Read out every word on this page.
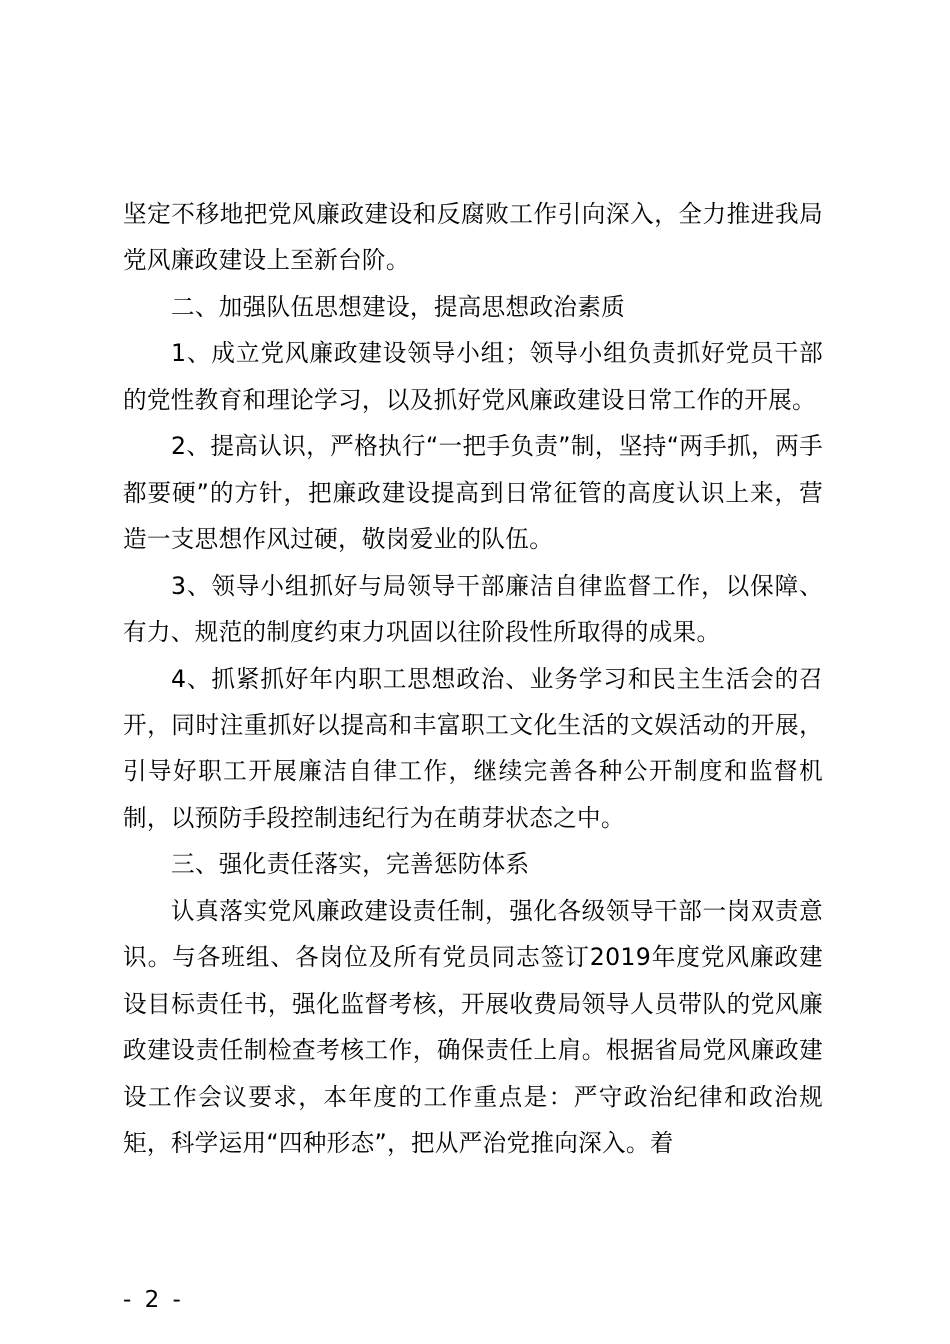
坚定不移地把党风廉政建设和反腐败工作引向深入，全力推进我局党风廉政建设上至新台阶。

二、加强队伍思想建设，提高思想政治素质

1、成立党风廉政建设领导小组；领导小组负责抓好党员干部的党性教育和理论学习，以及抓好党风廉政建设日常工作的开展。

2、提高认识，严格执行“一把手负责”制，坚持“两手抓，两手都要硬”的方针，把廉政建设提高到日常征管的高度认识上来，营造一支思想作风过硬，敬岗爱业的队伍。

3、领导小组抓好与局领导干部廉洁自律监督工作，以保障、有力、规范的制度约束力巩固以往阶段性所取得的成果。

4、抓紧抓好年内职工思想政治、业务学习和民主生活会的召开，同时注重抓好以提高和丰富职工文化生活的文娱活动的开展，引导好职工开展廉洁自律工作，继续完善各种公开制度和监督机制，以预防手段控制违纪行为在萌芽状态之中。

三、强化责任落实，完善惩防体系

认真落实党风廉政建设责任制，强化各级领导干部一岗双责意识。与各班组、各岗位及所有党员同志签订2019年度党风廉政建设目标责任书，强化监督考核，开展收费局领导人员带队的党风廉政建设责任制检查考核工作，确保责任上肩。根据省局党风廉政建设工作会议要求，本年度的工作重点是：严守政治纪律和政治规矩，科学运用“四种形态”，把从严治党推向深入。着

- 2 -
